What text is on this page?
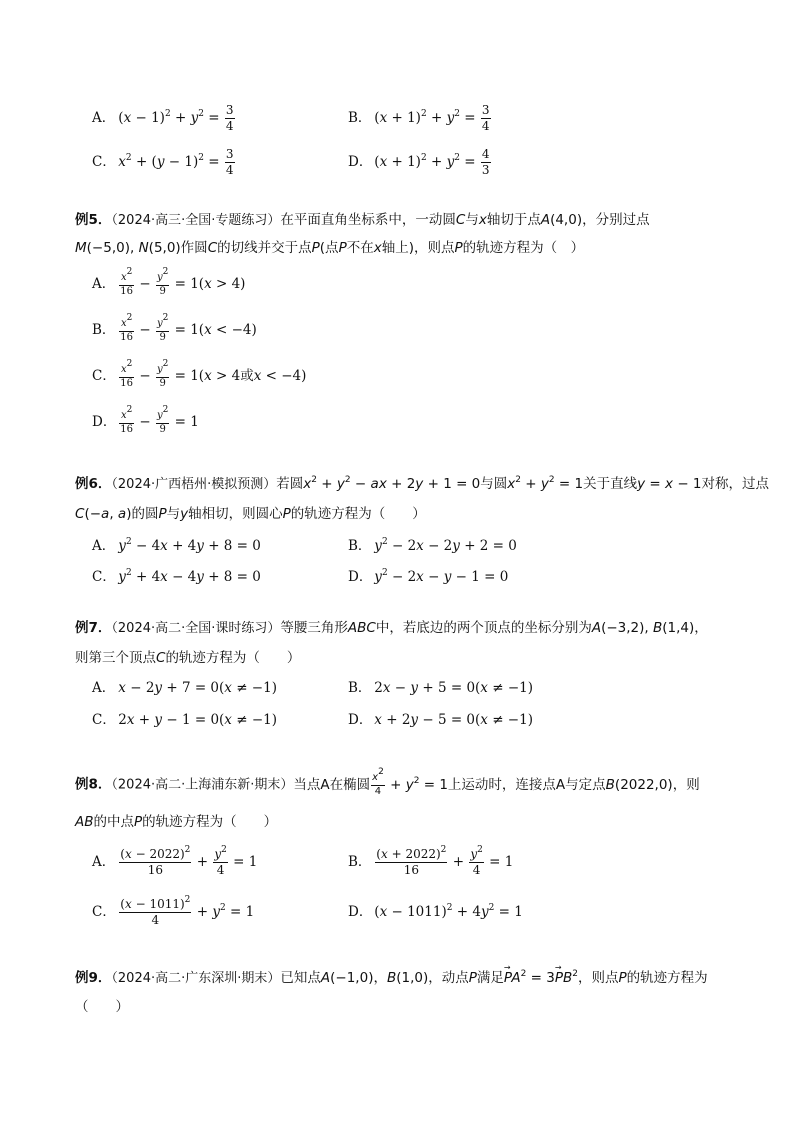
A． $(x - 1)^2 + y^2 = \frac{3}{4}$	B． $(x + 1)^2 + y^2 = \frac{3}{4}$
C． $x^2 + (y - 1)^2 = \frac{3}{4}$	D． $(x + 1)^2 + y^2 = \frac{4}{3}$
例5．（2024·高三·全国·专题练习）在平面直角坐标系中，一动圆C与x轴切于点A(4,0)，分别过点
M(−5,0), N(5,0)作圆C的切线并交于点P(点P不在x轴上)，则点P的轨迹方程为（　）
A． $\frac{x^2}{16} - \frac{y^2}{9} = 1(x > 4)$
B． $\frac{x^2}{16} - \frac{y^2}{9} = 1(x < -4)$
C． $\frac{x^2}{16} - \frac{y^2}{9} = 1(x > 4$或x < −4)
D． $\frac{x^2}{16} - \frac{y^2}{9} = 1$
例6．（2024·广西梧州·模拟预测）若圆$x^2 + y^2$ − ax + 2y + 1 = 0与圆$x^2 + y^2 = 1$关于直线y = x − 1对称，过点
C(−a, a)的圆P与y轴相切，则圆心P的轨迹方程为（　　）
A． $y^2 - 4x + 4y + 8 = 0$	B． $y^2 - 2x - 2y + 2 = 0$
C． $y^2 + 4x - 4y + 8 = 0$	D． $y^2 - 2x - y - 1 = 0$
例7．（2024·高二·全国·课时练习）等腰三角形ABC中，若底边的两个顶点的坐标分别为A(−3,2), B(1,4)，
则第三个顶点C的轨迹方程为（　　）
A． x − 2y + 7 = 0(x ≠ −1)	B． 2x − y + 5 = 0(x ≠ −1)
C． 2x + y − 1 = 0(x ≠ −1)	D． x + 2y − 5 = 0(x ≠ −1)
例8．（2024·高二·上海浦东新·期末）当点A在椭圆 $\frac{x^2}{4} + y^2 = 1$上运动时，连接点A与定点B(2022,0)，则
AB的中点P的轨迹方程为（　　）
A． $\frac{(x - 2022)^2}{16} + \frac{y^2}{4} = 1$	B． $\frac{(x + 2022)^2}{16} + \frac{y^2}{4} = 1$
C． $\frac{(x - 1011)^2}{4} + y^2 = 1$	D． $(x - 1011)^2 + 4y^2 = 1$
例9．（2024·高二·广东深圳·期末）已知点A(−1,0)，B(1,0)，动点P满足→ $PA^2 = 3\to PB^2$，则点P的轨迹方程为
（　　）
